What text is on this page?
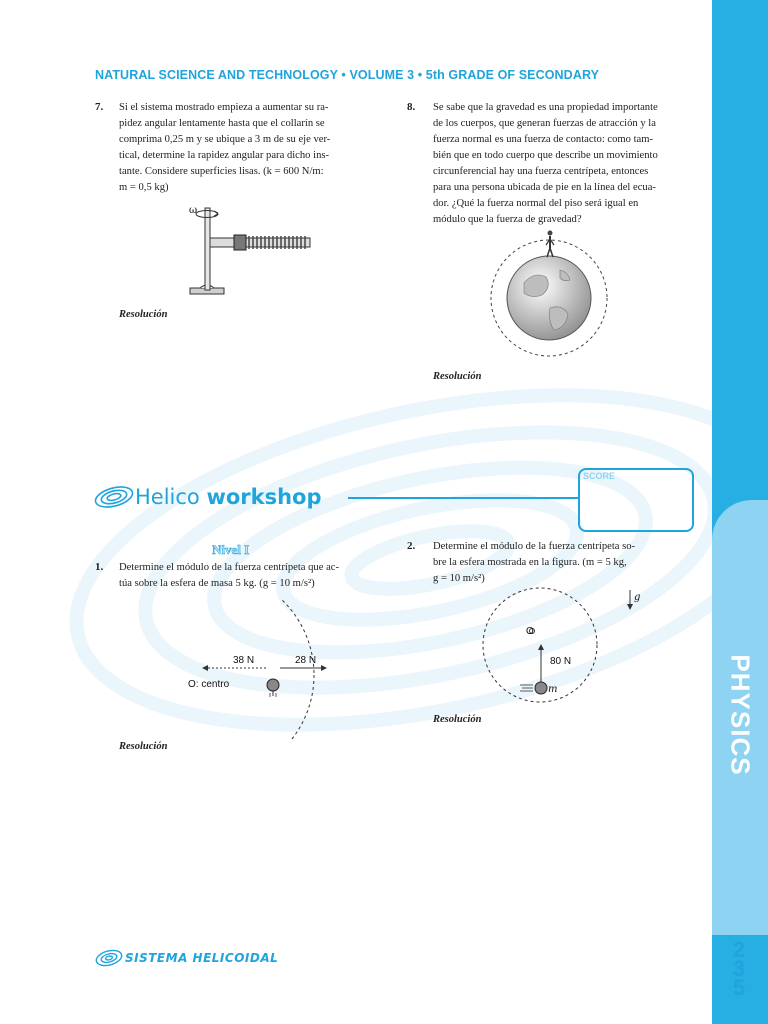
NATURAL SCIENCE AND TECHNOLOGY • VOLUME 3 • 5th GRADE OF SECONDARY
7. Si el sistema mostrado empieza a aumentar su ra-
pidez angular lentamente hasta que el collarín se
comprima 0,25 m y se ubique a 3 m de su eje ver-
tical, determine la rapidez angular para dicho ins-
tante. Considere superficies lisas. (k = 600 N/m:
m = 0,5 kg)
ω
Resolución
8. Se sabe que la gravedad es una propiedad importante
de los cuerpos, que generan fuerzas de atracción y la
fuerza normal es una fuerza de contacto: como tam-
bién que en todo cuerpo que describe un movimiento
circunferencial hay una fuerza centrípeta, entonces
para una persona ubicada de pie en la línea del ecua-
dor. ¿Qué la fuerza normal del piso será igual en
módulo que la fuerza de gravedad?
Resolución
Helico workshop
SCORE
Nivel I
1. Determine el módulo de la fuerza centrípeta que ac-
túa sobre la esfera de masa 5 kg. (g = 10 m/s²)
38 N	28 N
O: centro
Resolución
2. Determine el módulo de la fuerza centrípeta so-
bre la esfera mostrada en la figura. (m = 5 kg,
g = 10 m/s²)
g
O
80 N
m
Resolución
SISTEMA HELICOIDAL
PHYSICS
2
3
5
